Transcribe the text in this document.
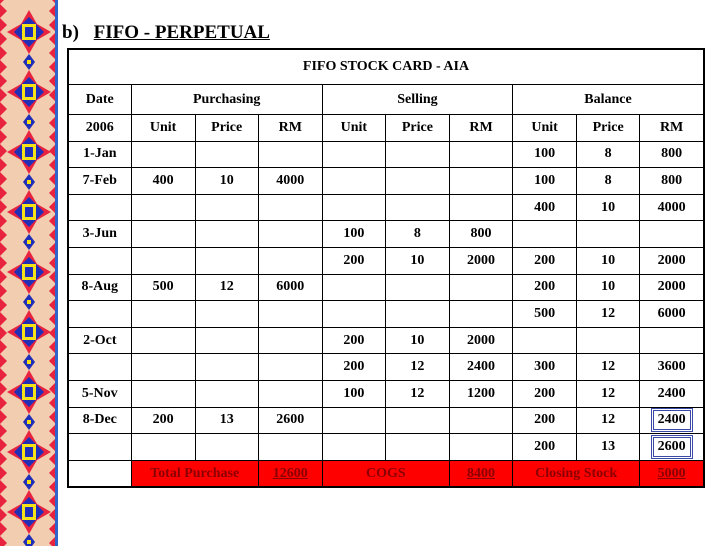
b) FIFO - PERPETUAL
FIFO STOCK CARD - AIA									
Date	Purchasing			Selling			Balance		
2006	Unit	Price	RM	Unit	Price	RM	Unit	Price	RM
1-Jan							100	8	800
7-Feb	400	10	4000				100	8	800
							400	10	4000
3-Jun				100	8	800			
				200	10	2000	200	10	2000
8-Aug	500	12	6000				200	10	2000
							500	12	6000
2-Oct				200	10	2000			
				200	12	2400	300	12	3600
5-Nov				100	12	1200	200	12	2400
8-Dec	200	13	2600				200	12	2400
							200	13	2600
	Total Purchase		12600	COGS		8400	Closing Stock		5000
